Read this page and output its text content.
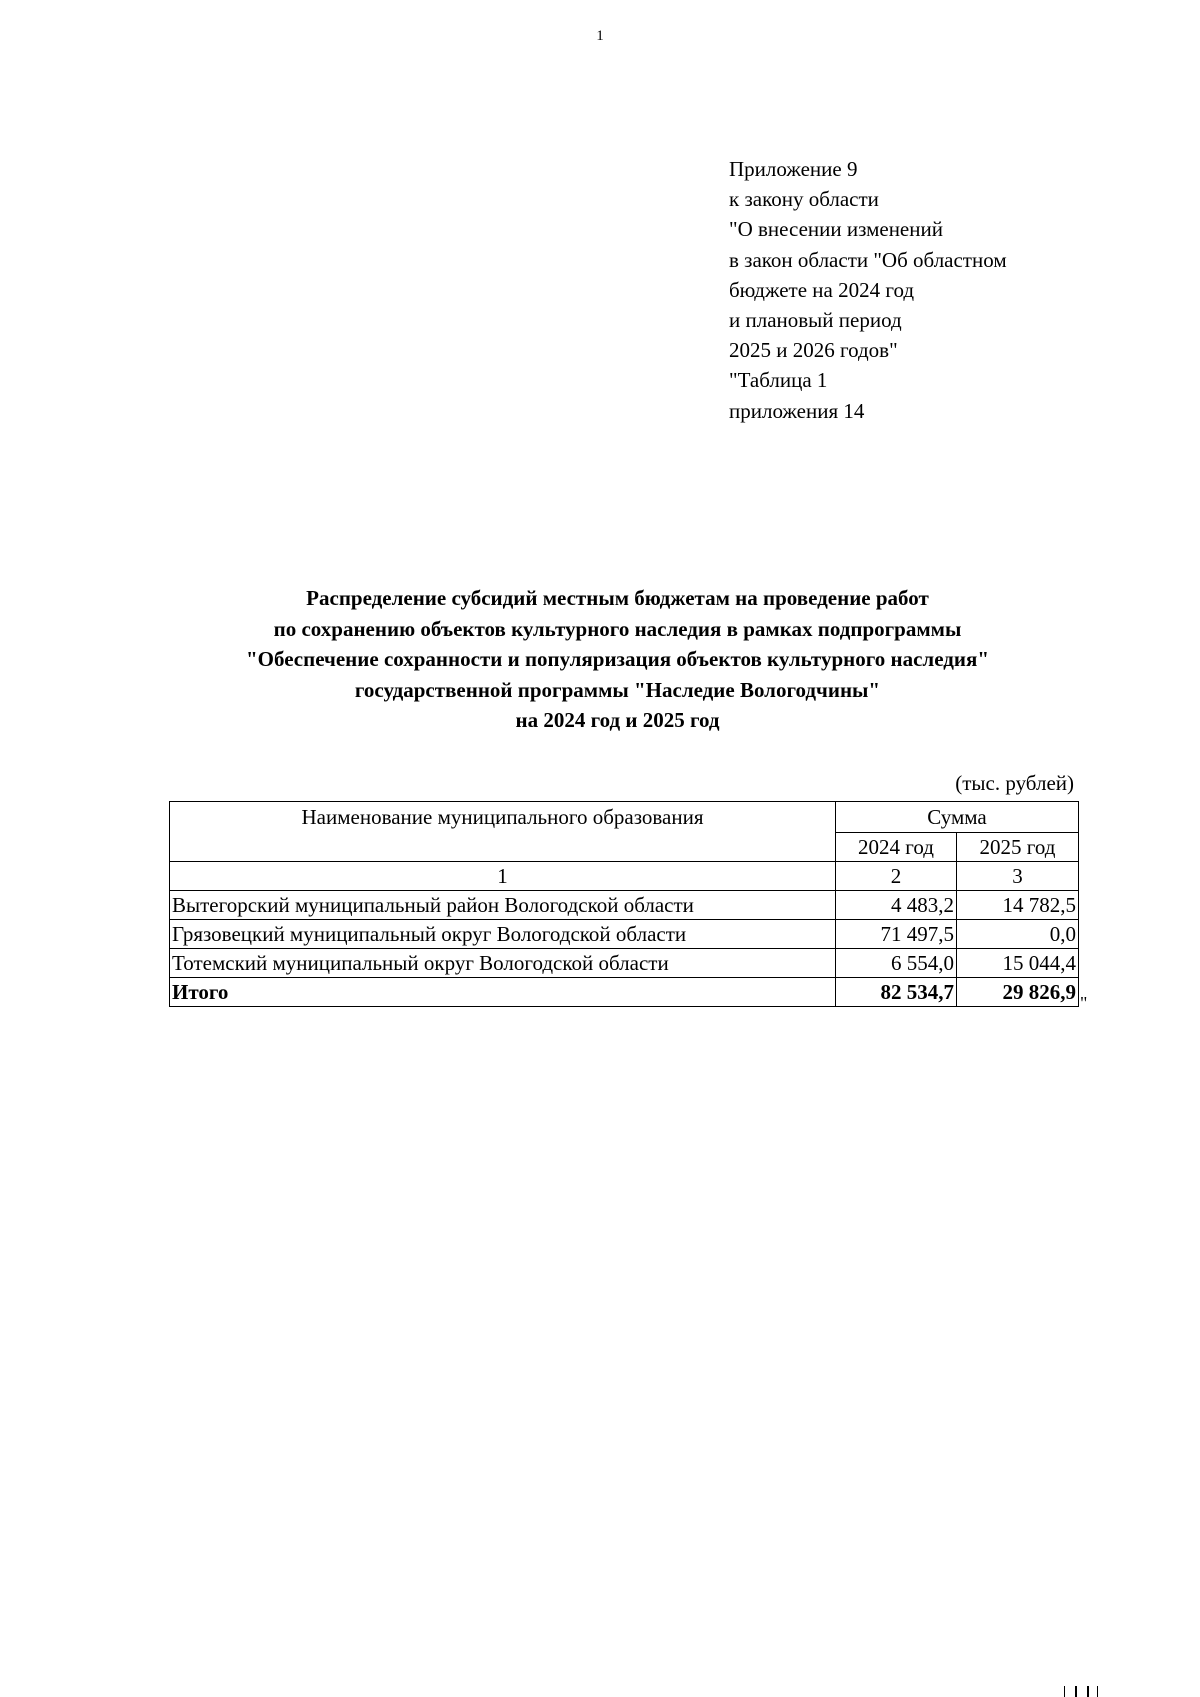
1
Приложение 9
к закону области
"О внесении изменений
в закон области "Об областном
бюджете на 2024 год
и плановый период
2025 и 2026 годов"
"Таблица 1
приложения 14
Распределение субсидий местным бюджетам на проведение работ
по сохранению объектов культурного наследия в рамках подпрограммы
"Обеспечение сохранности и популяризация объектов культурного наследия"
государственной программы "Наследие Вологодчины"
на 2024 год и 2025 год
(тыс. рублей)
Наименование муниципального образования	Сумма	
	2024 год	2025 год
1	2	3
Вытегорский муниципальный район Вологодской области	4 483,2	14 782,5
Грязовецкий муниципальный округ Вологодской области	71 497,5	0,0
Тотемский муниципальный округ Вологодской области	6 554,0	15 044,4
Итого	82 534,7	29 826,9 "
